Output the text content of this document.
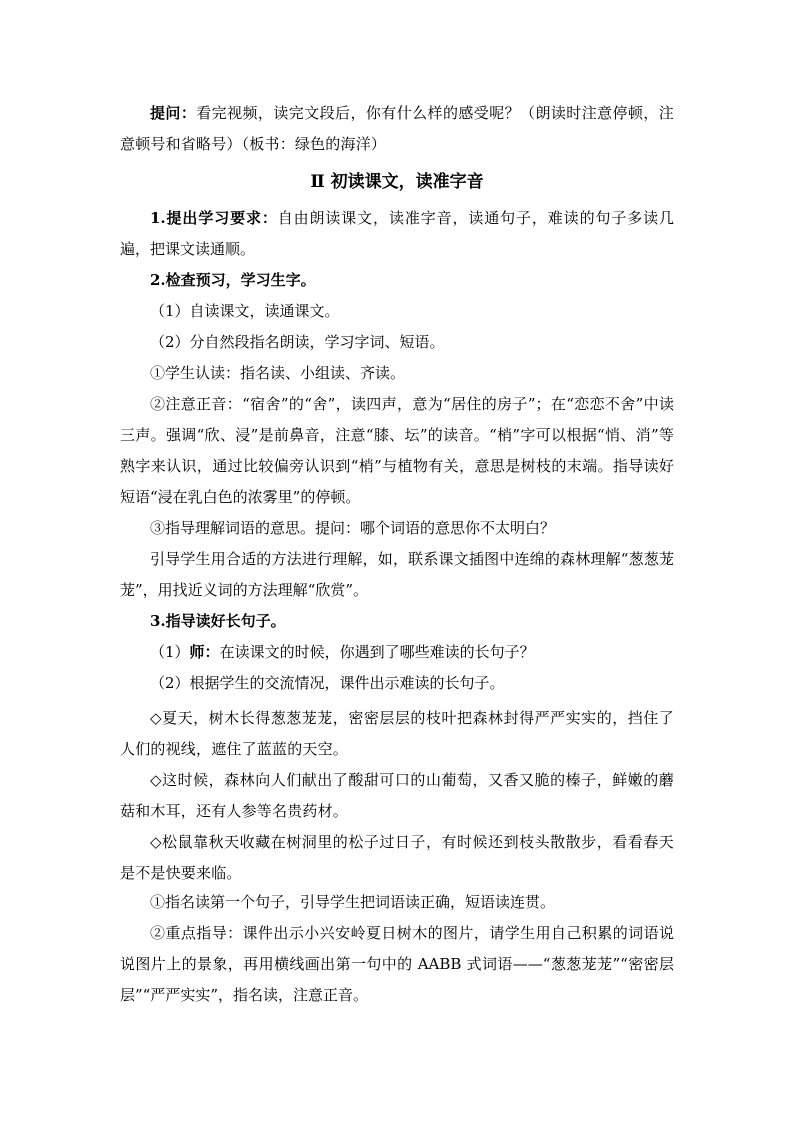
提问：看完视频，读完文段后，你有什么样的感受呢？（朗读时注意停顿，注意顿号和省略号）（板书：绿色的海洋）

Ⅱ 初读课文，读准字音

1.提出学习要求：自由朗读课文，读准字音，读通句子，难读的句子多读几遍，把课文读通顺。

2.检查预习，学习生字。

（1）自读课文，读通课文。

（2）分自然段指名朗读，学习字词、短语。

①学生认读：指名读、小组读、齐读。

②注意正音：“宿舍”的“舍”，读四声，意为“居住的房子”；在“恋恋不舍”中读三声。强调“欣、浸”是前鼻音，注意“膝、坛”的读音。“梢”字可以根据“悄、消”等熟字来认识，通过比较偏旁认识到“梢”与植物有关，意思是树枝的末端。指导读好短语“浸在乳白色的浓雾里”的停顿。

③指导理解词语的意思。提问：哪个词语的意思你不太明白？

引导学生用合适的方法进行理解，如，联系课文插图中连绵的森林理解“葱葱茏茏”，用找近义词的方法理解“欣赏”。

3.指导读好长句子。

（1）师：在读课文的时候，你遇到了哪些难读的长句子？

（2）根据学生的交流情况，课件出示难读的长句子。

◇夏天，树木长得葱葱茏茏，密密层层的枝叶把森林封得严严实实的，挡住了人们的视线，遮住了蓝蓝的天空。

◇这时候，森林向人们献出了酸甜可口的山葡萄，又香又脆的榛子，鲜嫩的蘑菇和木耳，还有人参等名贵药材。

◇松鼠靠秋天收藏在树洞里的松子过日子，有时候还到枝头散散步，看看春天是不是快要来临。

①指名读第一个句子，引导学生把词语读正确，短语读连贯。

②重点指导：课件出示小兴安岭夏日树木的图片，请学生用自己积累的词语说说图片上的景象，再用横线画出第一句中的 AABB 式词语——“葱葱茏茏”“密密层层”“严严实实”，指名读，注意正音。
